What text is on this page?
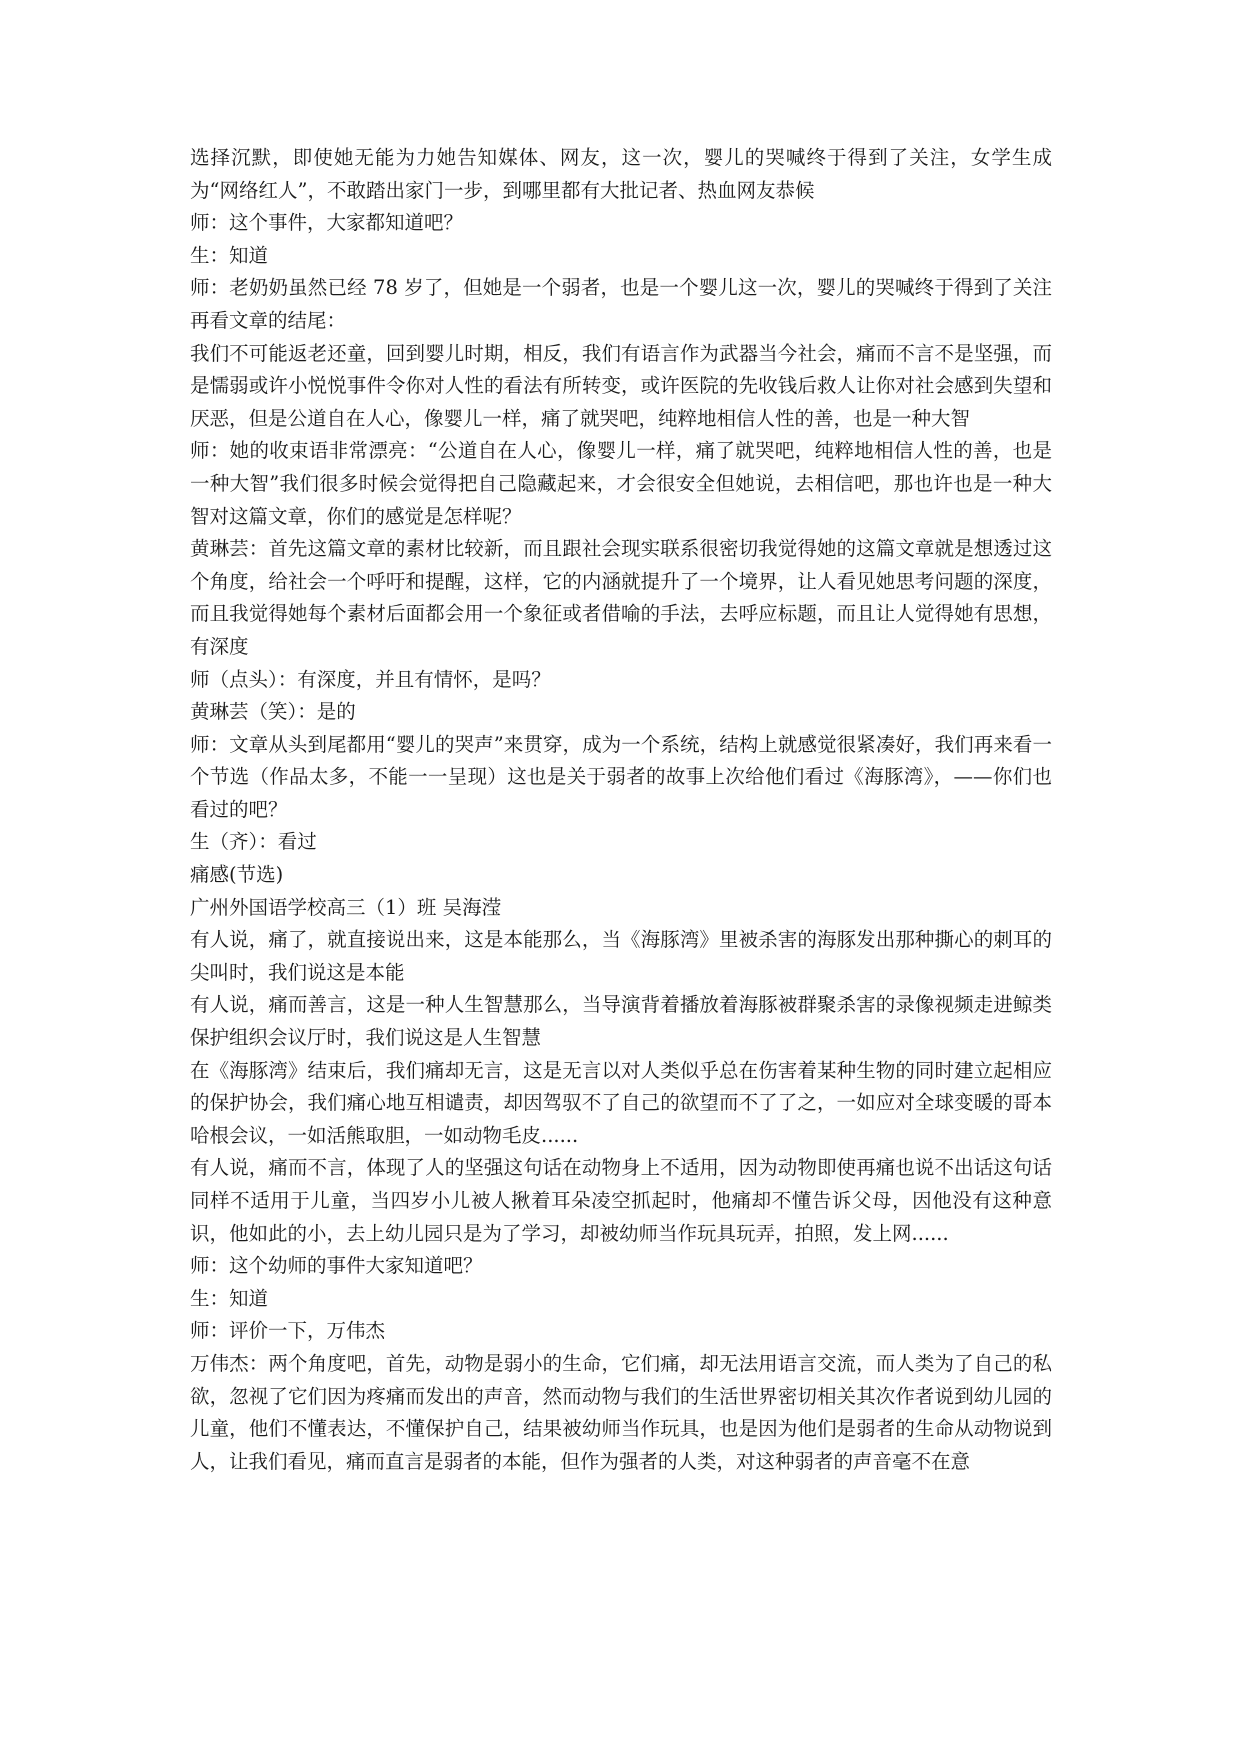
选择沉默，即使她无能为力她告知媒体、网友，这一次，婴儿的哭喊终于得到了关注，女学生成为“网络红人”，不敢踏出家门一步，到哪里都有大批记者、热血网友恭候

师：这个事件，大家都知道吧？

生：知道

师：老奶奶虽然已经 78 岁了，但她是一个弱者，也是一个婴儿这一次，婴儿的哭喊终于得到了关注再看文章的结尾：

我们不可能返老还童，回到婴儿时期，相反，我们有语言作为武器当今社会，痛而不言不是坚强，而是懦弱或许小悦悦事件令你对人性的看法有所转变，或许医院的先收钱后救人让你对社会感到失望和厌恶，但是公道自在人心，像婴儿一样，痛了就哭吧，纯粹地相信人性的善，也是一种大智

师：她的收束语非常漂亮：“公道自在人心，像婴儿一样，痛了就哭吧，纯粹地相信人性的善，也是一种大智”我们很多时候会觉得把自己隐藏起来，才会很安全但她说，去相信吧，那也许也是一种大智对这篇文章，你们的感觉是怎样呢？

黄琳芸：首先这篇文章的素材比较新，而且跟社会现实联系很密切我觉得她的这篇文章就是想透过这个角度，给社会一个呼吁和提醒，这样，它的内涵就提升了一个境界，让人看见她思考问题的深度，而且我觉得她每个素材后面都会用一个象征或者借喻的手法，去呼应标题，而且让人觉得她有思想，有深度

师（点头）：有深度，并且有情怀，是吗？

黄琳芸（笑）：是的

师：文章从头到尾都用“婴儿的哭声”来贯穿，成为一个系统，结构上就感觉很紧凑好，我们再来看一个节选（作品太多，不能一一呈现）这也是关于弱者的故事上次给他们看过《海豚湾》，——你们也看过的吧？

生（齐）：看过

痛感(节选)

广州外国语学校高三（1）班 吴海滢

有人说，痛了，就直接说出来，这是本能那么，当《海豚湾》里被杀害的海豚发出那种撕心的刺耳的尖叫时，我们说这是本能

有人说，痛而善言，这是一种人生智慧那么，当导演背着播放着海豚被群聚杀害的录像视频走进鲸类保护组织会议厅时，我们说这是人生智慧

在《海豚湾》结束后，我们痛却无言，这是无言以对人类似乎总在伤害着某种生物的同时建立起相应的保护协会，我们痛心地互相谴责，却因驾驭不了自己的欲望而不了了之，一如应对全球变暖的哥本哈根会议，一如活熊取胆，一如动物毛皮......

有人说，痛而不言，体现了人的坚强这句话在动物身上不适用，因为动物即使再痛也说不出话这句话同样不适用于儿童，当四岁小儿被人揪着耳朵凌空抓起时，他痛却不懂告诉父母，因他没有这种意识，他如此的小，去上幼儿园只是为了学习，却被幼师当作玩具玩弄，拍照，发上网......

师：这个幼师的事件大家知道吧？

生：知道

师：评价一下，万伟杰

万伟杰：两个角度吧，首先，动物是弱小的生命，它们痛，却无法用语言交流，而人类为了自己的私欲，忽视了它们因为疼痛而发出的声音，然而动物与我们的生活世界密切相关其次作者说到幼儿园的儿童，他们不懂表达，不懂保护自己，结果被幼师当作玩具，也是因为他们是弱者的生命从动物说到人，让我们看见，痛而直言是弱者的本能，但作为强者的人类，对这种弱者的声音毫不在意
